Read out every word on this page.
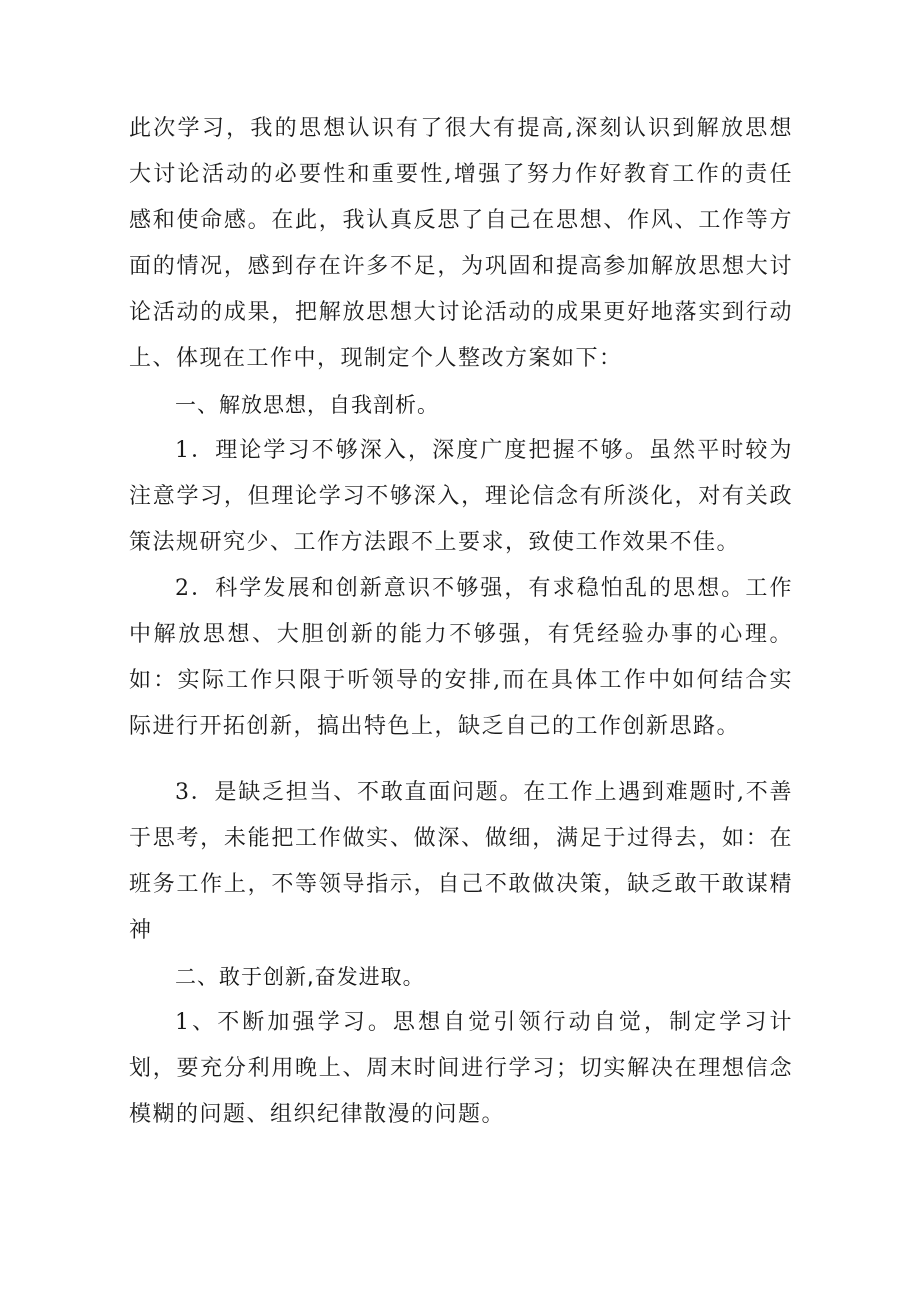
此次学习，我的思想认识有了很大有提高,深刻认识到解放思想大讨论活动的必要性和重要性,增强了努力作好教育工作的责任感和使命感。在此，我认真反思了自己在思想、作风、工作等方面的情况，感到存在许多不足，为巩固和提高参加解放思想大讨论活动的成果，把解放思想大讨论活动的成果更好地落实到行动上、体现在工作中，现制定个人整改方案如下：

一、解放思想，自我剖析。

1．理论学习不够深入，深度广度把握不够。虽然平时较为注意学习，但理论学习不够深入，理论信念有所淡化，对有关政策法规研究少、工作方法跟不上要求，致使工作效果不佳。

2．科学发展和创新意识不够强，有求稳怕乱的思想。工作中解放思想、大胆创新的能力不够强，有凭经验办事的心理。如：实际工作只限于听领导的安排,而在具体工作中如何结合实际进行开拓创新，搞出特色上，缺乏自己的工作创新思路。

3．是缺乏担当、不敢直面问题。在工作上遇到难题时,不善于思考，未能把工作做实、做深、做细，满足于过得去，如：在班务工作上，不等领导指示，自己不敢做决策，缺乏敢干敢谋精神

二、敢于创新,奋发进取。

1、不断加强学习。思想自觉引领行动自觉，制定学习计划，要充分利用晚上、周末时间进行学习；切实解决在理想信念模糊的问题、组织纪律散漫的问题。
